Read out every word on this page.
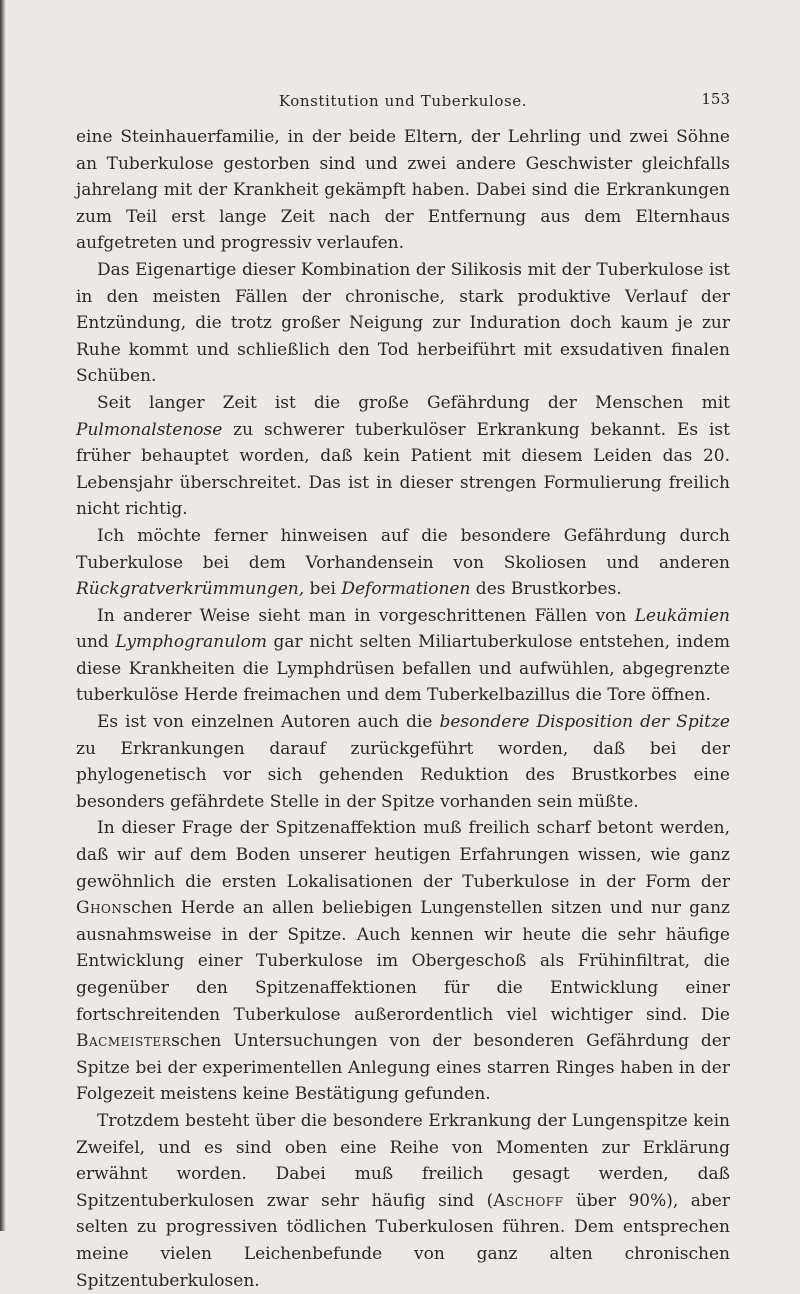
Konstitution und Tuberkulose.	153

eine Steinhauerfamilie, in der beide Eltern, der Lehrling und zwei Söhne an Tuberkulose gestorben sind und zwei andere Geschwister gleichfalls jahrelang mit der Krankheit gekämpft haben. Dabei sind die Erkrankungen zum Teil erst lange Zeit nach der Entfernung aus dem Elternhaus aufgetreten und progressiv verlaufen.

Das Eigenartige dieser Kombination der Silikosis mit der Tuberkulose ist in den meisten Fällen der chronische, stark produktive Verlauf der Entzündung, die trotz großer Neigung zur Induration doch kaum je zur Ruhe kommt und schließlich den Tod herbeiführt mit exsudativen finalen Schüben.

Seit langer Zeit ist die große Gefährdung der Menschen mit Pulmonalstenose zu schwerer tuberkulöser Erkrankung bekannt. Es ist früher behauptet worden, daß kein Patient mit diesem Leiden das 20. Lebensjahr überschreitet. Das ist in dieser strengen Formulierung freilich nicht richtig.

Ich möchte ferner hinweisen auf die besondere Gefährdung durch Tuberkulose bei dem Vorhandensein von Skoliosen und anderen Rückgratverkrümmungen, bei Deformationen des Brustkorbes.

In anderer Weise sieht man in vorgeschrittenen Fällen von Leukämien und Lymphogranulom gar nicht selten Miliartuberkulose entstehen, indem diese Krankheiten die Lymphdrüsen befallen und aufwühlen, abgegrenzte tuberkulöse Herde freimachen und dem Tuberkelbazillus die Tore öffnen.

Es ist von einzelnen Autoren auch die besondere Disposition der Spitze zu Erkrankungen darauf zurückgeführt worden, daß bei der phylogenetisch vor sich gehenden Reduktion des Brustkorbes eine besonders gefährdete Stelle in der Spitze vorhanden sein müßte.

In dieser Frage der Spitzenaffektion muß freilich scharf betont werden, daß wir auf dem Boden unserer heutigen Erfahrungen wissen, wie ganz gewöhnlich die ersten Lokalisationen der Tuberkulose in der Form der Ghonschen Herde an allen beliebigen Lungenstellen sitzen und nur ganz ausnahmsweise in der Spitze. Auch kennen wir heute die sehr häufige Entwicklung einer Tuberkulose im Obergeschoß als Frühinfiltrat, die gegenüber den Spitzenaffektionen für die Entwicklung einer fortschreitenden Tuberkulose außerordentlich viel wichtiger sind. Die Bacmeisterschen Untersuchungen von der besonderen Gefährdung der Spitze bei der experimentellen Anlegung eines starren Ringes haben in der Folgezeit meistens keine Bestätigung gefunden.

Trotzdem besteht über die besondere Erkrankung der Lungenspitze kein Zweifel, und es sind oben eine Reihe von Momenten zur Erklärung erwähnt worden. Dabei muß freilich gesagt werden, daß Spitzentuberkulosen zwar sehr häufig sind (Aschoff über 90%), aber selten zu progressiven tödlichen Tuberkulosen führen. Dem entsprechen meine vielen Leichenbefunde von ganz alten chronischen Spitzentuberkulosen.
